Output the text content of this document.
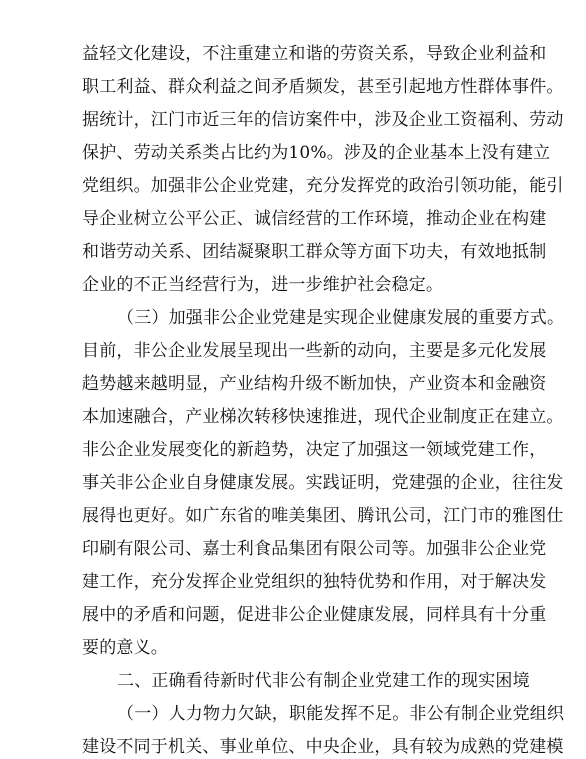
益轻文化建设，不注重建立和谐的劳资关系，导致企业利益和
职工利益、群众利益之间矛盾频发，甚至引起地方性群体事件。
据统计，江门市近三年的信访案件中，涉及企业工资福利、劳动
保护、劳动关系类占比约为10%。涉及的企业基本上没有建立
党组织。加强非公企业党建，充分发挥党的政治引领功能，能引
导企业树立公平公正、诚信经营的工作环境，推动企业在构建
和谐劳动关系、团结凝聚职工群众等方面下功夫，有效地抵制
企业的不正当经营行为，进一步维护社会稳定。
（三）加强非公企业党建是实现企业健康发展的重要方式。
目前，非公企业发展呈现出一些新的动向，主要是多元化发展
趋势越来越明显，产业结构升级不断加快，产业资本和金融资
本加速融合，产业梯次转移快速推进，现代企业制度正在建立。
非公企业发展变化的新趋势，决定了加强这一领域党建工作，
事关非公企业自身健康发展。实践证明，党建强的企业，往往发
展得也更好。如广东省的唯美集团、腾讯公司，江门市的雅图仕
印刷有限公司、嘉士利食品集团有限公司等。加强非公企业党
建工作，充分发挥企业党组织的独特优势和作用，对于解决发
展中的矛盾和问题，促进非公企业健康发展，同样具有十分重
要的意义。
二、正确看待新时代非公有制企业党建工作的现实困境
（一）人力物力欠缺，职能发挥不足。非公有制企业党组织
建设不同于机关、事业单位、中央企业，具有较为成熟的党建模
